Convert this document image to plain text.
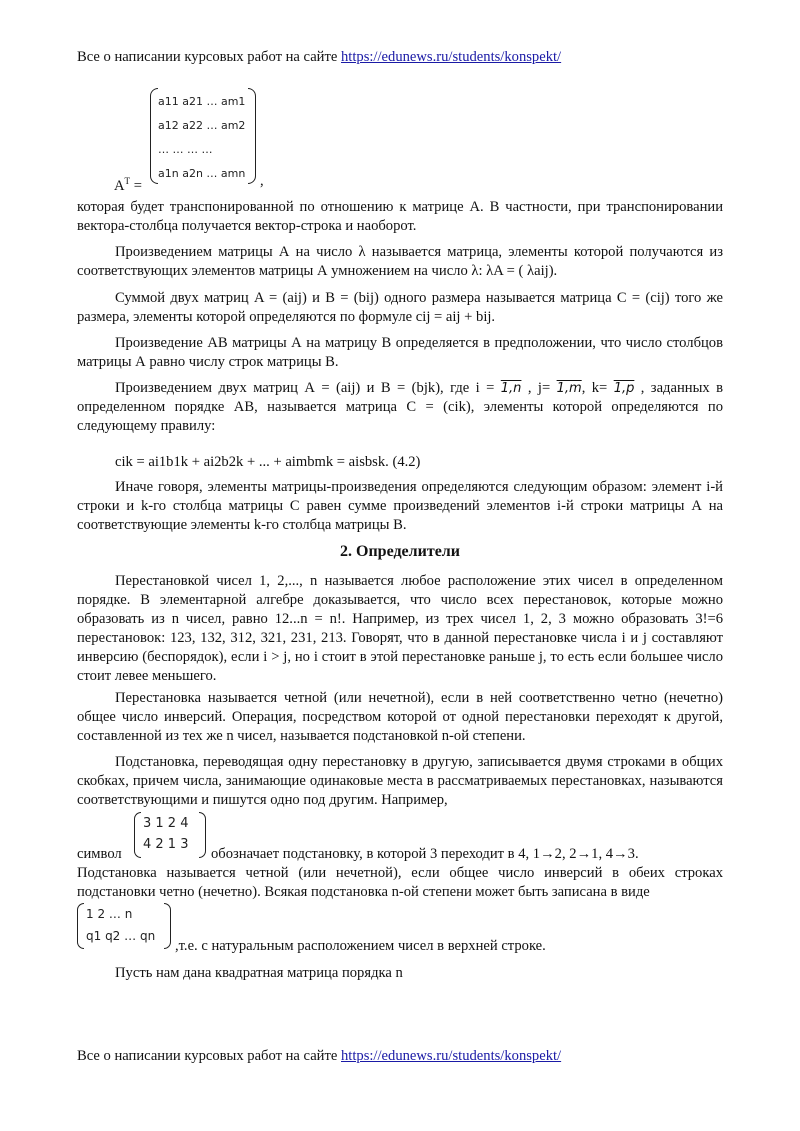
Все о написании курсовых работ на сайте https://edunews.ru/students/konspekt/
$A^T$ =
a11 a21 … am1
a12 a22 … am2
… … … …
a1n a2n … amn ,
которая будет транспонированной по отношению к матрице А. В частности, при транспонировании вектора-столбца получается вектор-строка и наоборот.
Произведением матрицы А на число λ называется матрица, элементы которой получаются из соответствующих элементов матрицы А умножением на число λ: λA = ( λaij).
Суммой двух матриц A = (aij) и B = (bij) одного размера называется матрица C = (cij) того же размера, элементы которой определяются по формуле cij = aij + bij.
Произведение АВ матрицы А на матрицу В определяется в предположении, что число столбцов матрицы А равно числу строк матрицы В.
Произведением двух матриц А = (aij) и В = (bjk), где i = 1,n , j= 1,m, k= 1,p , заданных в определенном порядке АВ, называется матрица С = (cik), элементы которой определяются по следующему правилу:
cik = ai1b1k + ai2b2k + ... + aimbmk = aisbsk. (4.2)
Иначе говоря, элементы матрицы-произведения определяются следующим образом: элемент i-й строки и k-го столбца матрицы С равен сумме произведений элементов i-й строки матрицы А на соответствующие элементы k-го столбца матрицы В.
2. Определители
Перестановкой чисел 1, 2,..., n называется любое расположение этих чисел в определенном порядке. В элементарной алгебре доказывается, что число всех перестановок, которые можно образовать из n чисел, равно 12...n = n!. Например, из трех чисел 1, 2, 3 можно образовать 3!=6 перестановок: 123, 132, 312, 321, 231, 213. Говорят, что в данной перестановке числа i и j составляют инверсию (беспорядок), если i > j, но i стоит в этой перестановке раньше j, то есть если большее число стоит левее меньшего.
Перестановка называется четной (или нечетной), если в ней соответственно четно (нечетно) общее число инверсий. Операция, посредством которой от одной перестановки переходят к другой, составленной из тех же n чисел, называется подстановкой n-ой степени.
Подстановка, переводящая одну перестановку в другую, записывается двумя строками в общих скобках, причем числа, занимающие одинаковые места в рассматриваемых перестановках, называются соответствующими и пишутся одно под другим. Например,
символ
3 1 2 4
4 2 1 3
обозначает подстановку, в которой 3 переходит в 4, 1→2, 2→1, 4→3.
Подстановка называется четной (или нечетной), если общее число инверсий в обеих строках подстановки четно (нечетно). Всякая подстановка n-ой степени может быть записана в виде
1 2 … n
q1 q2 … qn
,т.е. с натуральным расположением чисел в верхней строке.
Пусть нам дана квадратная матрица порядка n
Все о написании курсовых работ на сайте https://edunews.ru/students/konspekt/
